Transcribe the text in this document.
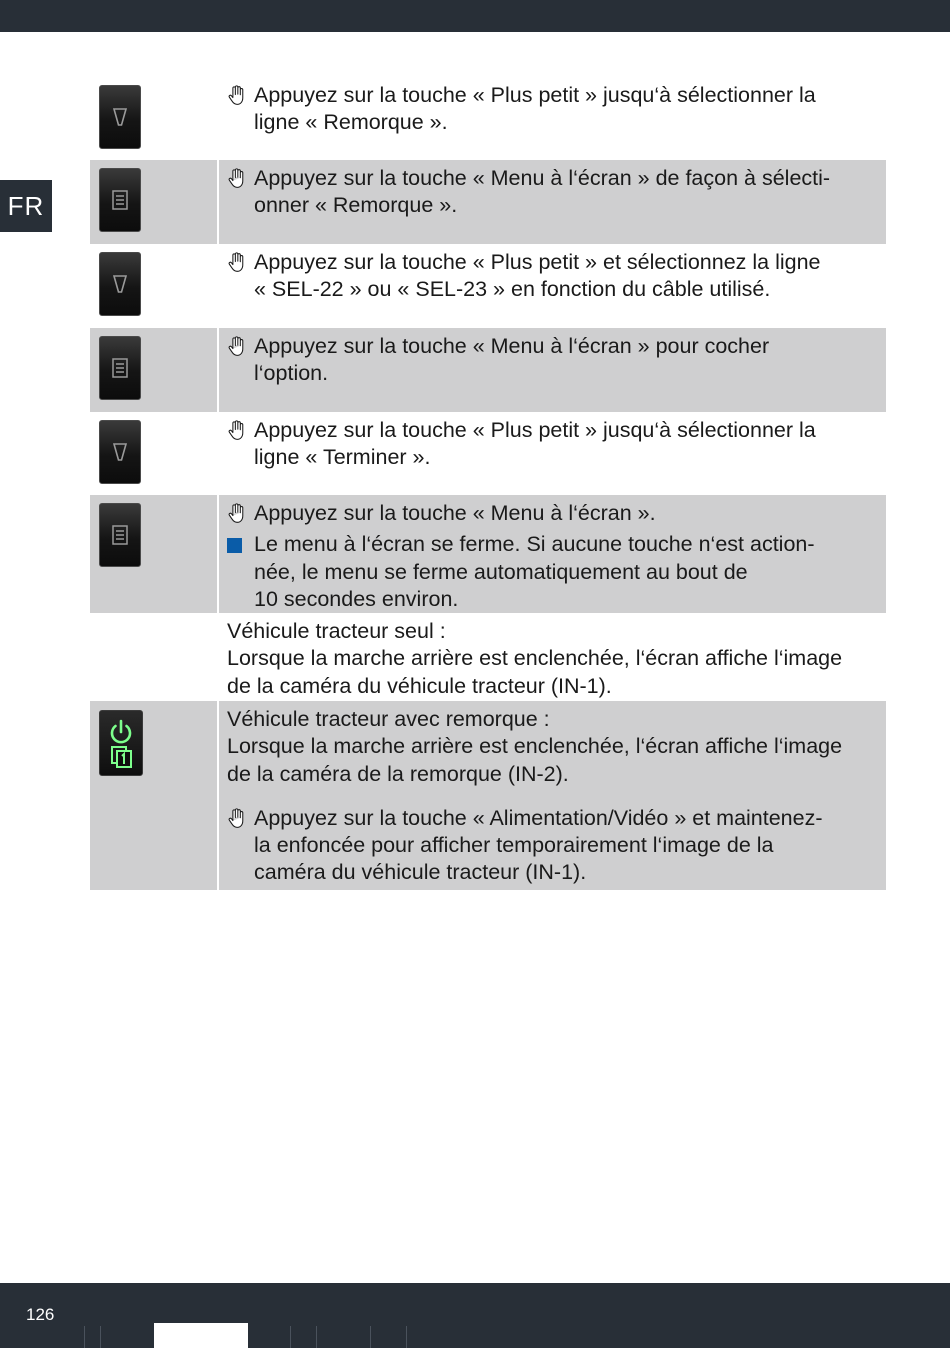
FR
Appuyez sur la touche « Plus petit » jusqu‘à sélectionner la
ligne « Remorque ».
Appuyez sur la touche « Menu à l‘écran » de façon à sélecti-
onner « Remorque ».
Appuyez sur la touche « Plus petit » et sélectionnez la ligne
« SEL-22 » ou « SEL-23 » en fonction du câble utilisé.
Appuyez sur la touche « Menu à l‘écran » pour cocher
l‘option.
Appuyez sur la touche « Plus petit » jusqu‘à sélectionner la
ligne « Terminer ».
Appuyez sur la touche « Menu à l‘écran ».
Le menu à l‘écran se ferme. Si aucune touche n‘est action-
née, le menu se ferme automatiquement au bout de
10 secondes environ.
Véhicule tracteur seul :
Lorsque la marche arrière est enclenchée, l‘écran affiche l‘image
de la caméra du véhicule tracteur (IN-1).
Véhicule tracteur avec remorque :
Lorsque la marche arrière est enclenchée, l‘écran affiche l‘image
de la caméra de la remorque (IN-2).
Appuyez sur la touche « Alimentation/Vidéo » et maintenez-
la enfoncée pour afficher temporairement l‘image de la
caméra du véhicule tracteur (IN-1).
126
